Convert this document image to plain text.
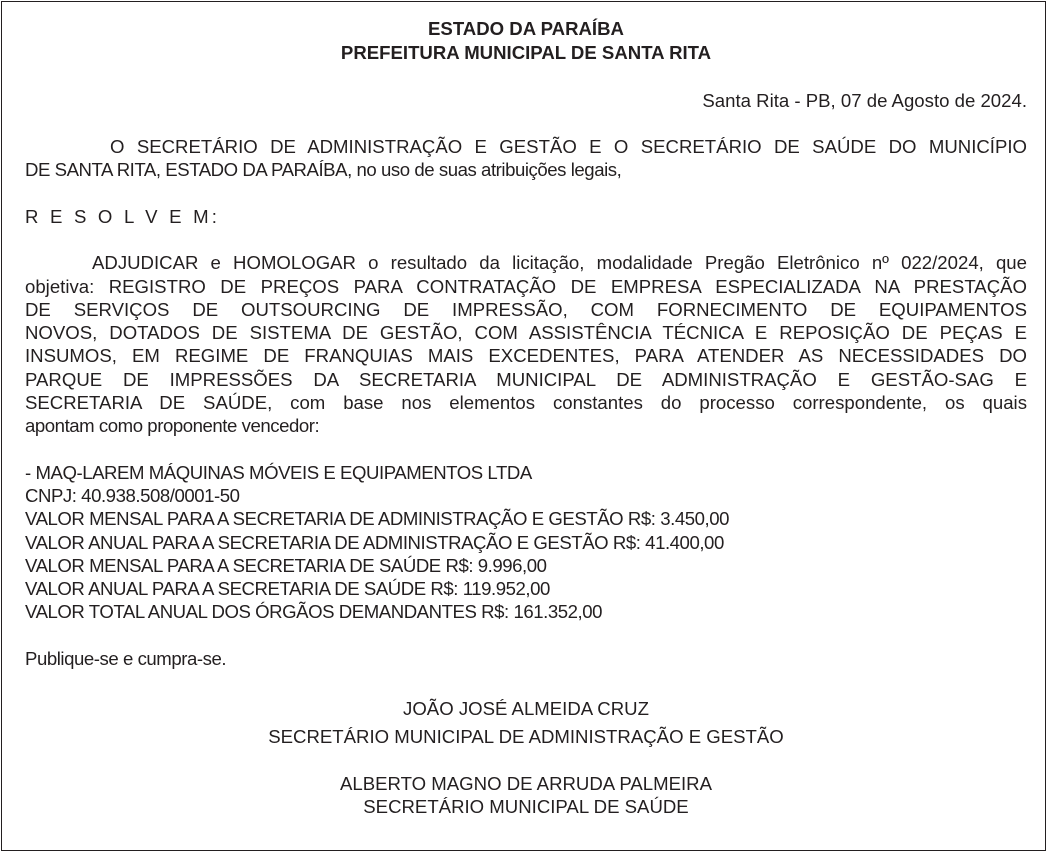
ESTADO DA PARAÍBA
PREFEITURA MUNICIPAL DE SANTA RITA
Santa Rita - PB, 07 de Agosto de 2024.
O SECRETÁRIO DE ADMINISTRAÇÃO E GESTÃO E O SECRETÁRIO DE SAÚDE DO MUNICÍPIO
DE SANTA RITA, ESTADO DA PARAÍBA, no uso de suas atribuições legais,
R E S O L V E M:
ADJUDICAR e HOMOLOGAR o resultado da licitação, modalidade Pregão Eletrônico nº 022/2024, que
objetiva: REGISTRO DE PREÇOS PARA CONTRATAÇÃO DE EMPRESA ESPECIALIZADA NA PRESTAÇÃO
DE SERVIÇOS DE OUTSOURCING DE IMPRESSÃO, COM FORNECIMENTO DE EQUIPAMENTOS
NOVOS, DOTADOS DE SISTEMA DE GESTÃO, COM ASSISTÊNCIA TÉCNICA E REPOSIÇÃO DE PEÇAS E
INSUMOS, EM REGIME DE FRANQUIAS MAIS EXCEDENTES, PARA ATENDER AS NECESSIDADES DO
PARQUE DE IMPRESSÕES DA SECRETARIA MUNICIPAL DE ADMINISTRAÇÃO E GESTÃO-SAG E
SECRETARIA DE SAÚDE, com base nos elementos constantes do processo correspondente, os quais
apontam como proponente vencedor:
- MAQ-LAREM MÁQUINAS MÓVEIS E EQUIPAMENTOS LTDA
CNPJ: 40.938.508/0001-50
VALOR MENSAL PARA A SECRETARIA DE ADMINISTRAÇÃO E GESTÃO R$: 3.450,00
VALOR ANUAL PARA A SECRETARIA DE ADMINISTRAÇÃO E GESTÃO R$: 41.400,00
VALOR MENSAL PARA A SECRETARIA DE SAÚDE R$: 9.996,00
VALOR ANUAL PARA A SECRETARIA DE SAÚDE R$: 119.952,00
VALOR TOTAL ANUAL DOS ÓRGÃOS DEMANDANTES R$: 161.352,00
Publique-se e cumpra-se.
JOÃO JOSÉ ALMEIDA CRUZ
SECRETÁRIO MUNICIPAL DE ADMINISTRAÇÃO E GESTÃO
ALBERTO MAGNO DE ARRUDA PALMEIRA
SECRETÁRIO MUNICIPAL DE SAÚDE
